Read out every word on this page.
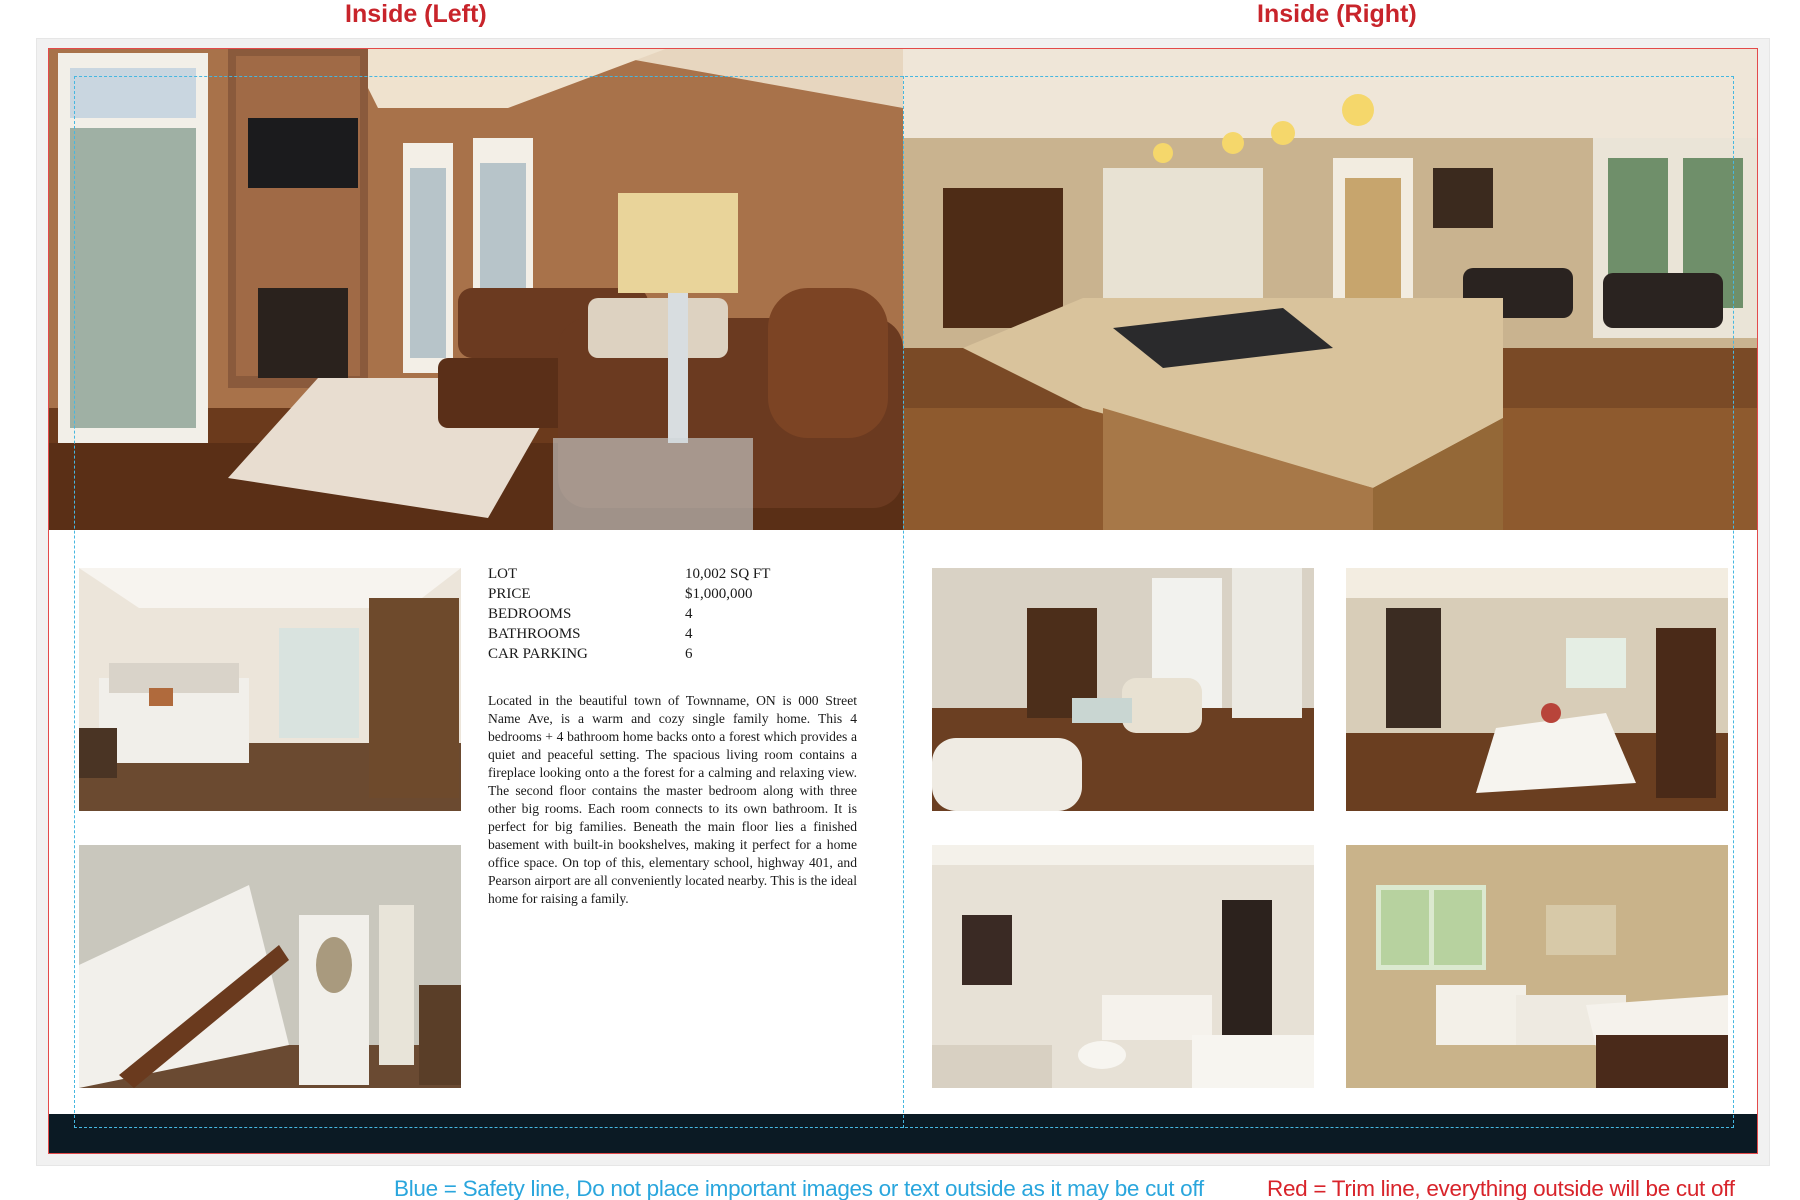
Inside (Left)	Inside (Right)
LOT	10,002 SQ FT
PRICE	$1,000,000
BEDROOMS	4
BATHROOMS	4
CAR PARKING	6
Located in the beautiful town of Townname, ON is 000 Street Name Ave, is a warm and cozy single family home. This 4 bedrooms + 4 bathroom home backs onto a forest which provides a quiet and peaceful setting. The spacious living room contains a fireplace looking onto a the forest for a calming and relaxing view. The second floor contains the master bedroom along with three other big rooms. Each room connects to its own bathroom. It is perfect for big families. Beneath the main floor lies a finished basement with built-in bookshelves, making it perfect for a home office space. On top of this, elementary school, highway 401, and Pearson airport are all conveniently located nearby. This is the ideal home for raising a family.
Blue = Safety line, Do not place important images or text outside as it may be cut off	Red = Trim line, everything outside will be cut off
